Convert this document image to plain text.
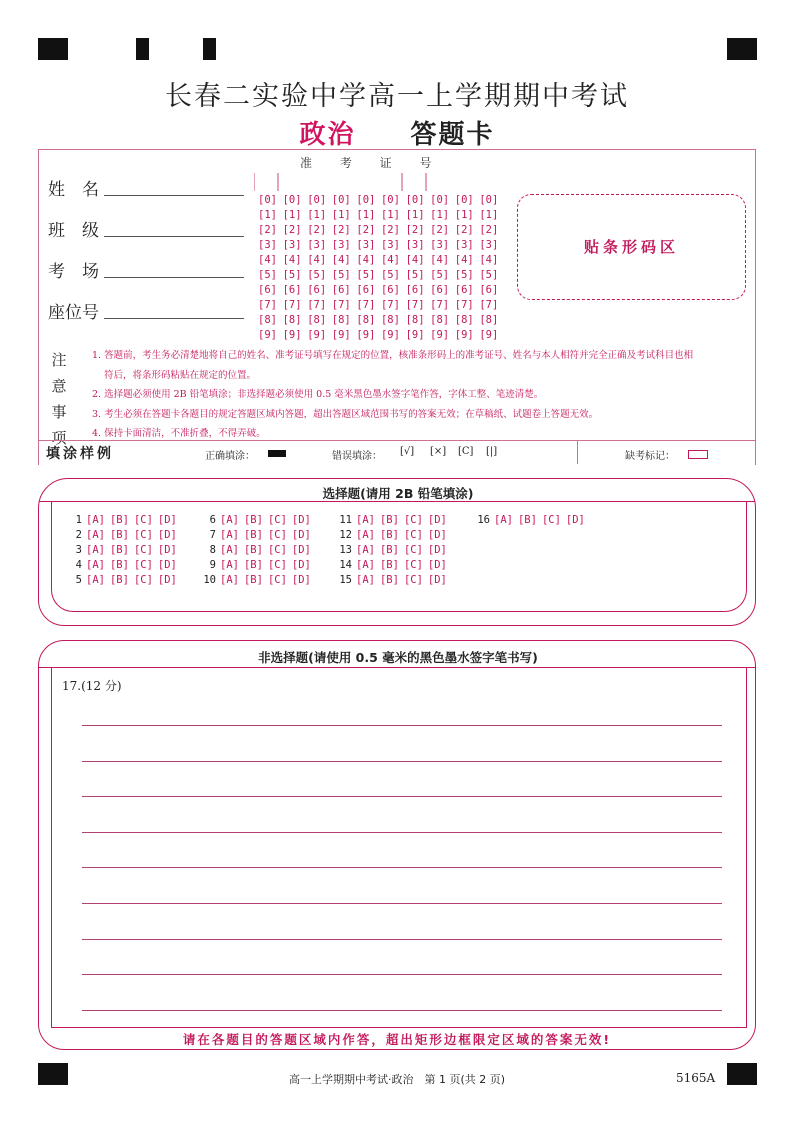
长春二实验中学高一上学期期中考试
政治 答题卡
准 考 证 号
姓　名
班　级
考　场
座位号
[0] [0] [0] [0] [0] [0] [0] [0] [0] [0]
[1] [1] [1] [1] [1] [1] [1] [1] [1] [1]
[2] [2] [2] [2] [2] [2] [2] [2] [2] [2]
[3] [3] [3] [3] [3] [3] [3] [3] [3] [3]
[4] [4] [4] [4] [4] [4] [4] [4] [4] [4]
[5] [5] [5] [5] [5] [5] [5] [5] [5] [5]
[6] [6] [6] [6] [6] [6] [6] [6] [6] [6]
[7] [7] [7] [7] [7] [7] [7] [7] [7] [7]
[8] [8] [8] [8] [8] [8] [8] [8] [8] [8]
[9] [9] [9] [9] [9] [9] [9] [9] [9] [9]
贴条形码区
注意事项
1. 答题前，考生务必清楚地将自己的姓名、准考证号填写在规定的位置，核准条形码上的准考证号、姓名与本人相符并完全正确及考试科目也相
符后，将条形码粘贴在规定的位置。
2. 选择题必须使用 2B 铅笔填涂；非选择题必须使用 0.5 毫米黑色墨水签字笔作答，字体工整、笔迹清楚。
3. 考生必须在答题卡各题目的规定答题区域内答题，超出答题区域范围书写的答案无效；在草稿纸、试题卷上答题无效。
4. 保持卡面清洁，不准折叠，不得弄破。
填涂样例	正确填涂：	错误填涂： [√] [×] [C] [|]	缺考标记：
选择题(请用 2B 铅笔填涂)
1 [A] [B] [C] [D]
2 [A] [B] [C] [D]
3 [A] [B] [C] [D]
4 [A] [B] [C] [D]
5 [A] [B] [C] [D]
6 [A] [B] [C] [D]
7 [A] [B] [C] [D]
8 [A] [B] [C] [D]
9 [A] [B] [C] [D]
10 [A] [B] [C] [D]
11 [A] [B] [C] [D]
12 [A] [B] [C] [D]
13 [A] [B] [C] [D]
14 [A] [B] [C] [D]
15 [A] [B] [C] [D]
16 [A] [B] [C] [D]
非选择题(请使用 0.5 毫米的黑色墨水签字笔书写)
17.(12 分)
请在各题目的答题区域内作答，超出矩形边框限定区域的答案无效!
高一上学期期中考试·政治　第 1 页(共 2 页)	5165A
